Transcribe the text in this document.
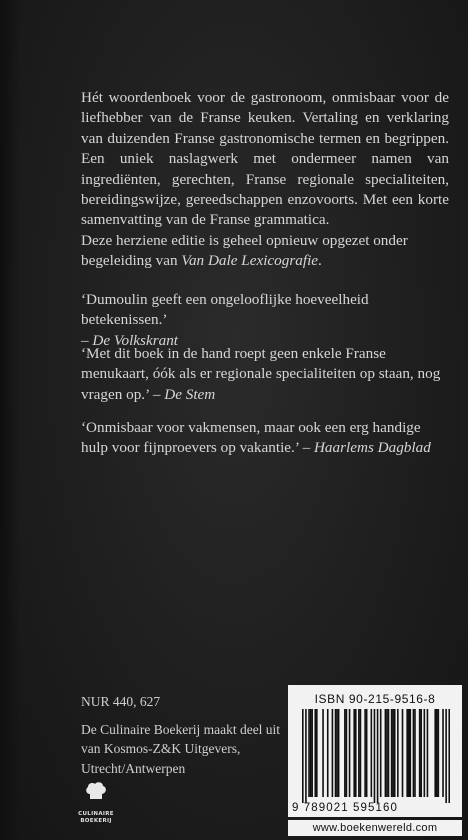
Hét woordenboek voor de gastronoom, onmisbaar voor de liefhebber van de Franse keuken. Vertaling en verklaring van duizenden Franse gastronomische termen en begrippen. Een uniek naslagwerk met ondermeer namen van ingrediënten, gerechten, Franse regionale specialiteiten, bereidingswijze, gereedschappen enzovoorts. Met een korte samenvatting van de Franse grammatica.

Deze herziene editie is geheel opnieuw opgezet onder begeleiding van Van Dale Lexicografie.

‘Dumoulin geeft een ongelooflijke hoeveelheid betekenissen.’
– De Volkskrant

‘Met dit boek in de hand roept geen enkele Franse menukaart, óók als er regionale specialiteiten op staan, nog vragen op.’ – De Stem

‘Onmisbaar voor vakmensen, maar ook een erg handige hulp voor fijnproevers op vakantie.’ – Haarlems Dagblad

NUR 440, 627
De Culinaire Boekerij maakt deel uit van Kosmos-Z&K Uitgevers, Utrecht/Antwerpen
CULINAIRE
BOEKERIJ
ISBN 90-215-9516-8
9 789021 595160
www.boekenwereld.com
